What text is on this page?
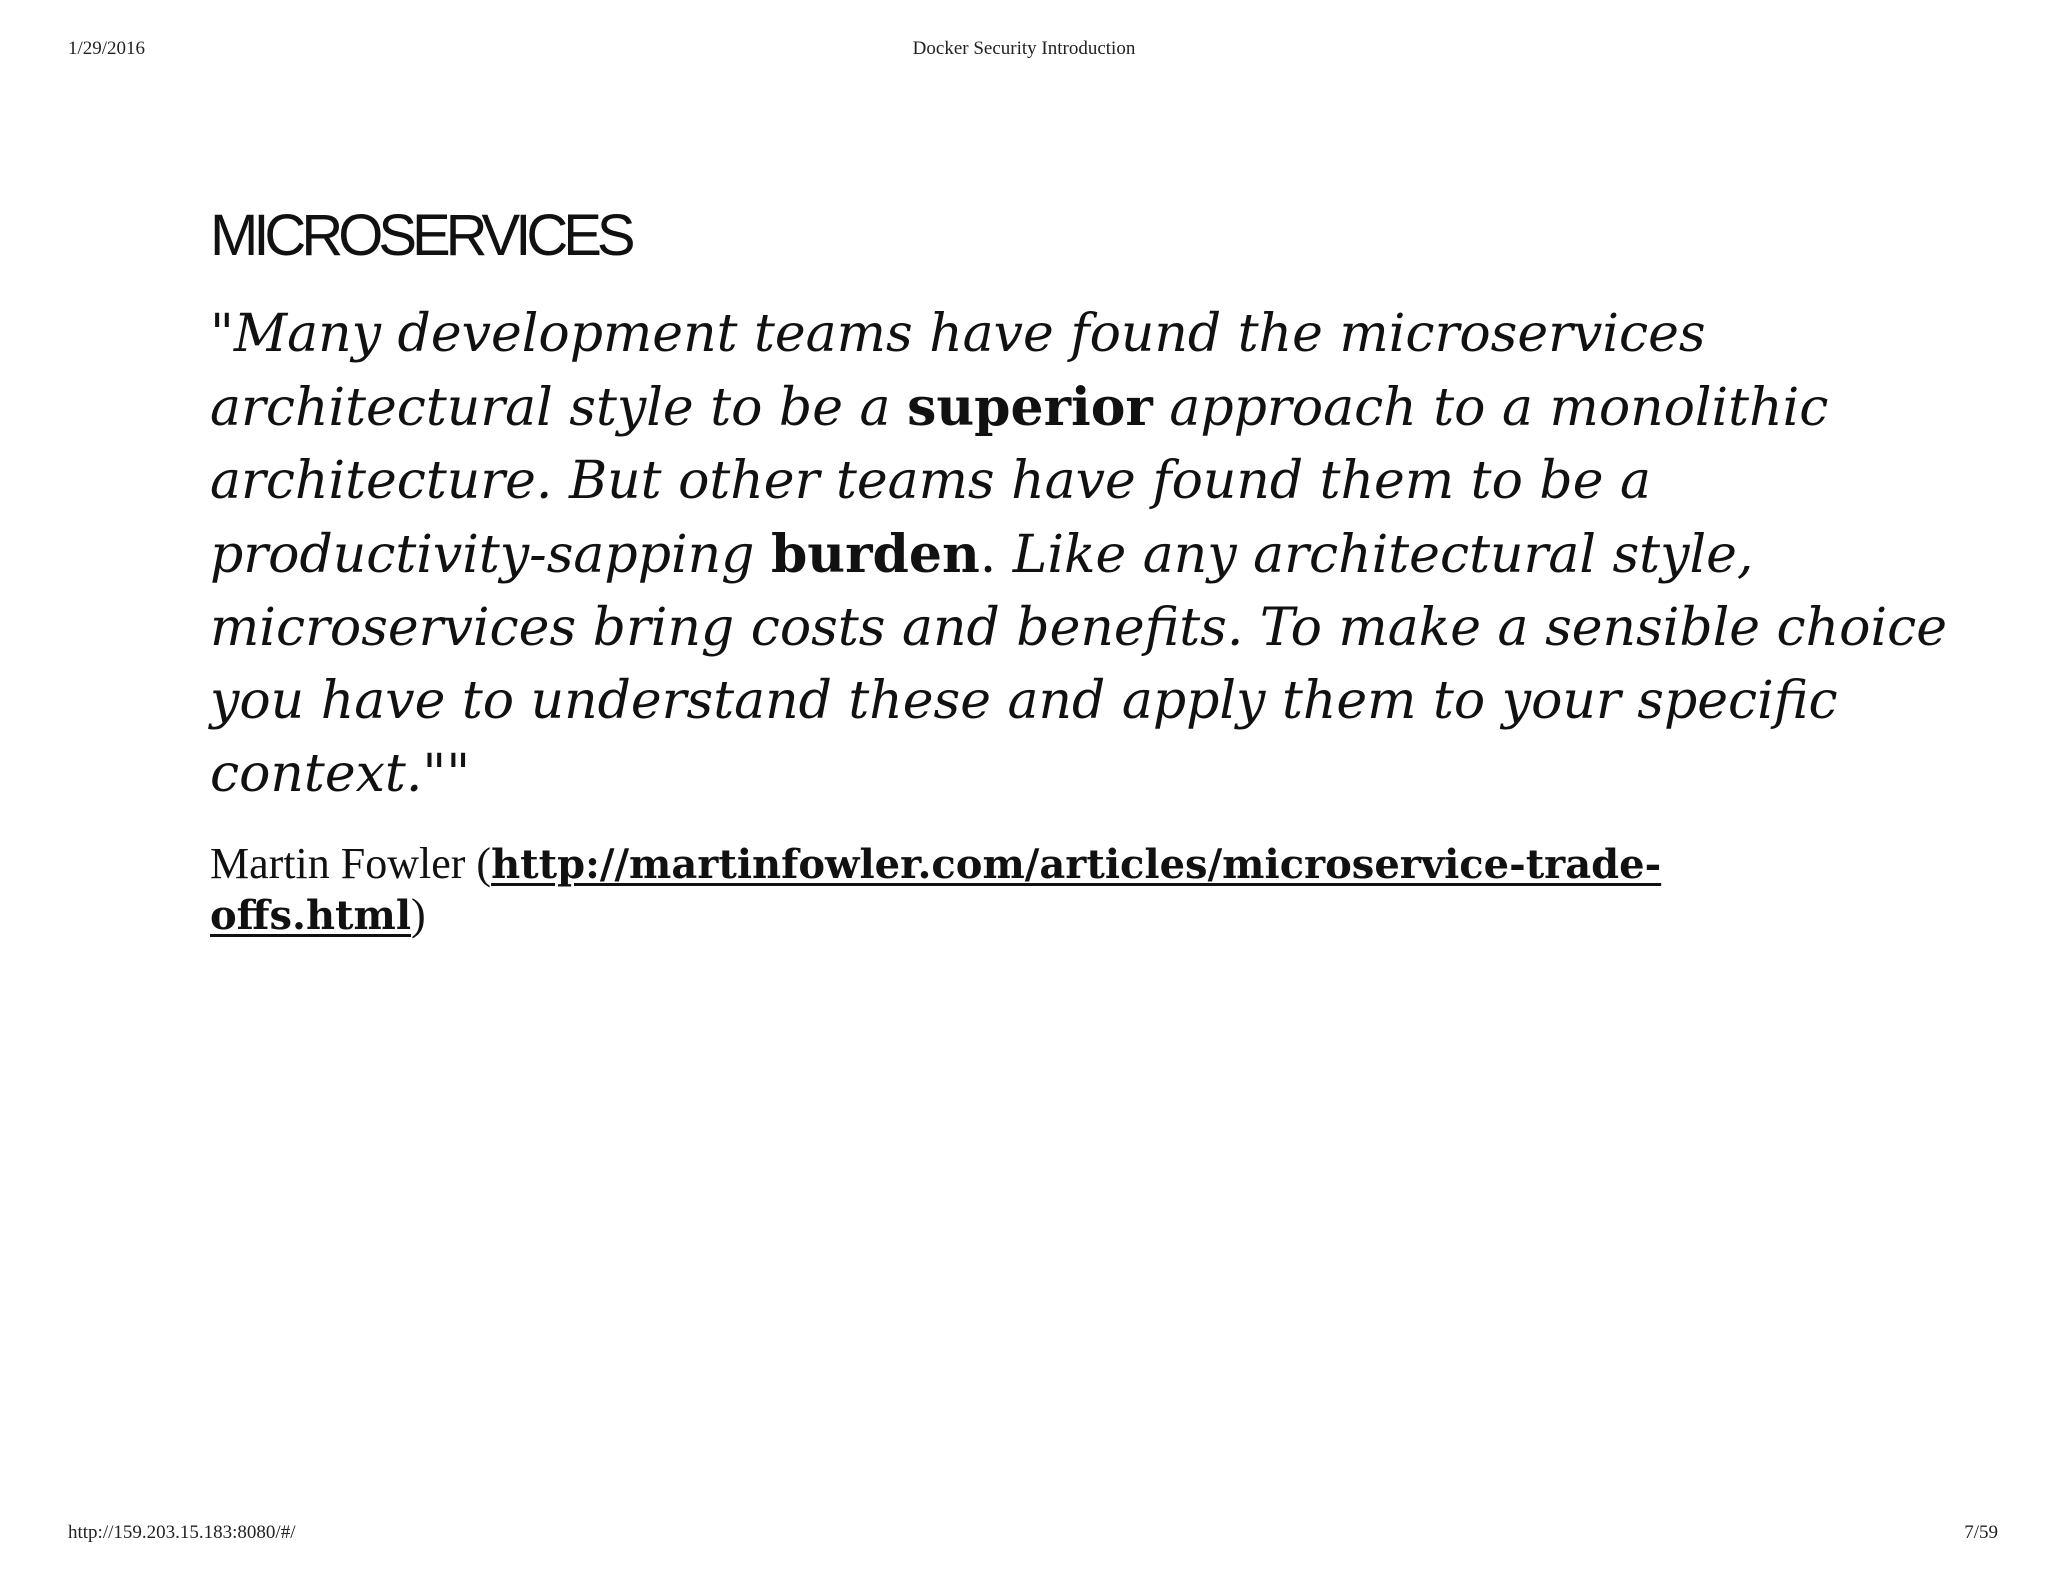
1/29/2016	Docker Security Introduction
MICROSERVICES

"Many development teams have found the microservices
architectural style to be a superior approach to a monolithic
architecture. But other teams have found them to be a
productivity-sapping burden. Like any architectural style,
microservices bring costs and benefits. To make a sensible choice
you have to understand these and apply them to your specific
context.""

Martin Fowler (http://martinfowler.com/articles/microservice-trade-
offs.html)

http://159.203.15.183:8080/#/	7/59
